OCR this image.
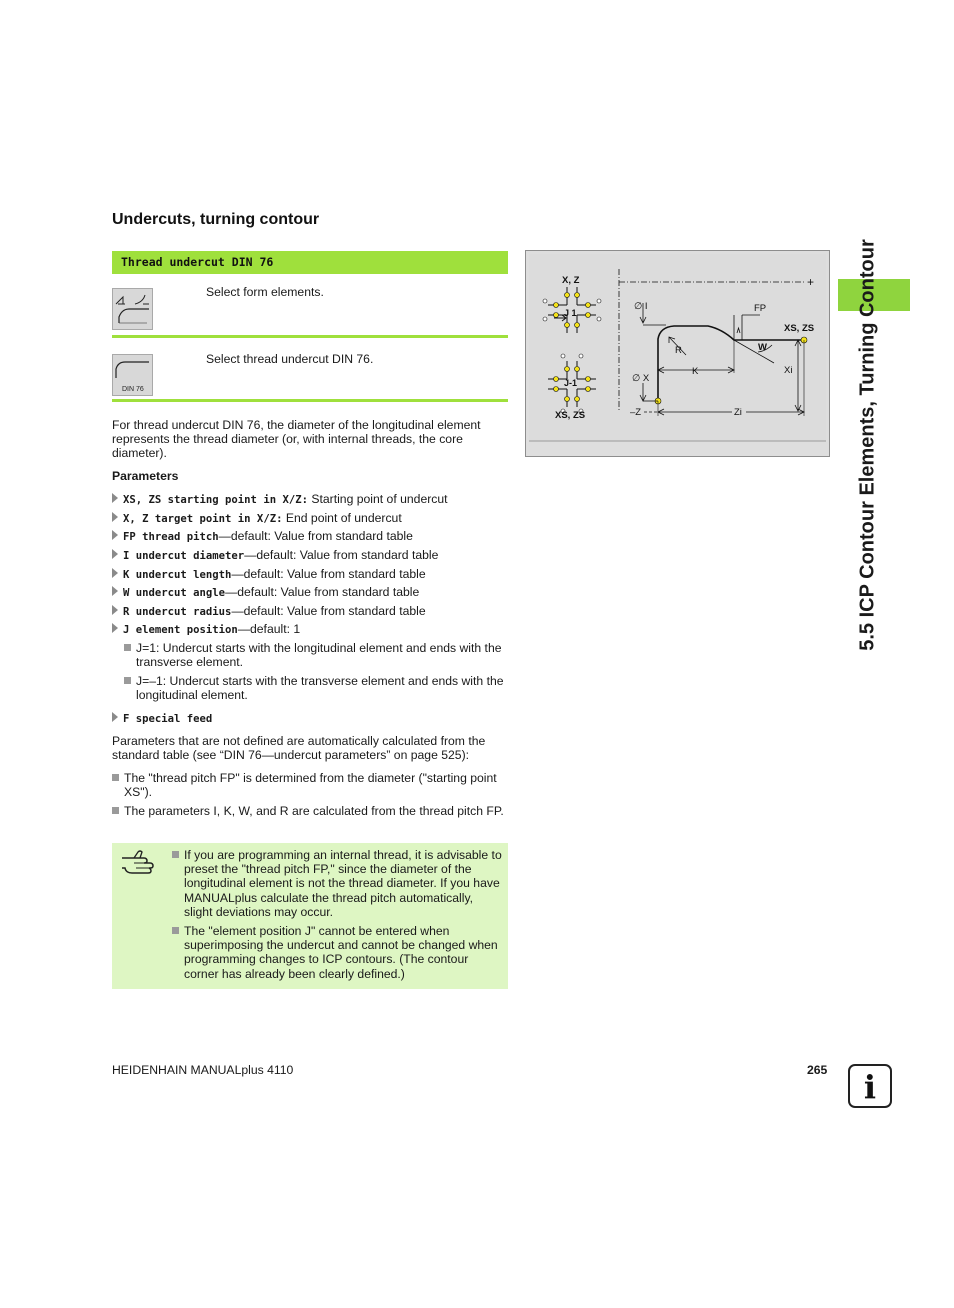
Undercuts, turning contour
Thread undercut DIN 76
Select form elements.
DIN 76
Select thread undercut DIN 76.
For thread undercut DIN 76, the diameter of the longitudinal element represents the thread diameter (or, with internal threads, the core diameter).
Parameters
XS, ZS starting point in X/Z: Starting point of undercut
X, Z target point in X/Z: End point of undercut
FP thread pitch—default: Value from standard table
I undercut diameter—default: Value from standard table
K undercut length—default: Value from standard table
W undercut angle—default: Value from standard table
R undercut radius—default: Value from standard table
J element position—default: 1
J=1: Undercut starts with the longitudinal element and ends with the transverse element.
J=–1: Undercut starts with the transverse element and ends with the longitudinal element.
F special feed
Parameters that are not defined are automatically calculated from the standard table (see “DIN 76—undercut parameters” on page 525):
The "thread pitch FP" is determined from the diameter ("starting point XS").
The parameters I, K, W, and R are calculated from the thread pitch FP.
If you are programming an internal thread, it is advisable to preset the "thread pitch FP," since the diameter of the longitudinal element is not the thread diameter. If you have MANUALplus calculate the thread pitch automatically, slight deviations may occur.
The "element position J" cannot be entered when superimposing the undercut and cannot be changed when programming changes to ICP contours. (The contour corner has already been clearly defined.)
X, Z
J 1
J-1
XS, ZS
+
∅ I
∅ X
FP
XS, ZS
W
R
K	Xi
–Z	Zi	5.5 ICP Contour Elements, Turning Contour
HEIDENHAIN MANUALplus 4110	265	i
